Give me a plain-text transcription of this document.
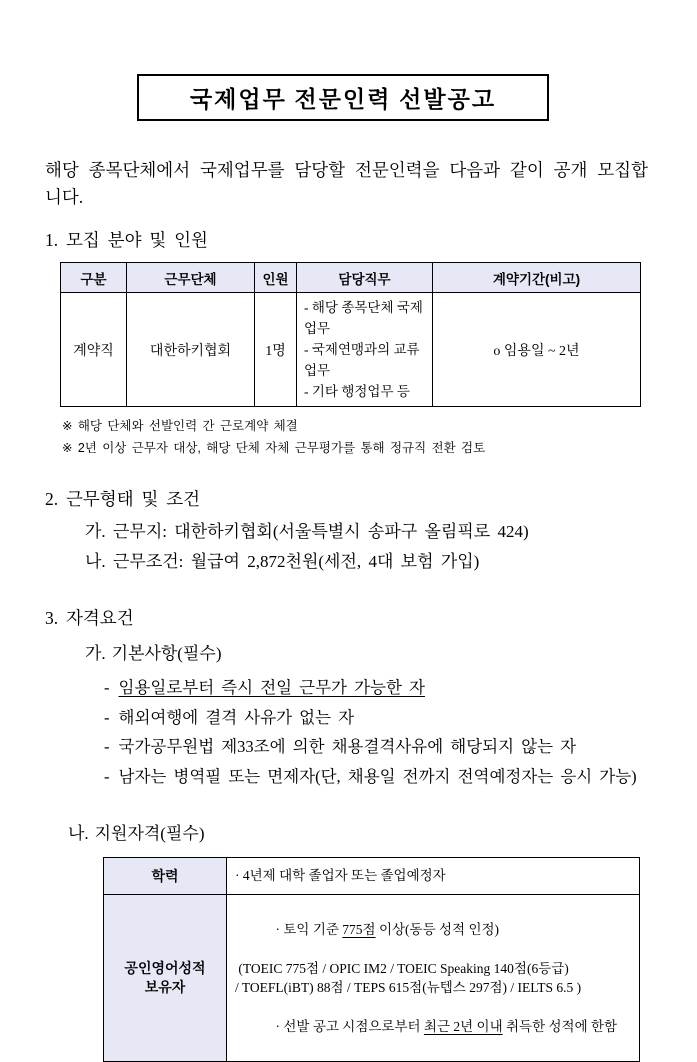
국제업무 전문인력 선발공고

해당 종목단체에서 국제업무를 담당할 전문인력을 다음과 같이 공개 모집합니다.

1. 모집 분야 및 인원
구분	근무단체	인원	담당직무	계약기간(비고)
계약직	대한하키협회	1명	- 해당 종목단체 국제업무
- 국제연맹과의 교류업무
- 기타 행정업무 등	o 임용일 ~ 2년
※ 해당 단체와 선발인력 간 근로계약 체결
※ 2년 이상 근무자 대상, 해당 단체 자체 근무평가를 통해 정규직 전환 검토
2. 근무형태 및 조건
가. 근무지: 대한하키협회(서울특별시 송파구 올림픽로 424)
나. 근무조건: 월급여 2,872천원(세전, 4대 보험 가입)
3. 자격요건
가. 기본사항(필수)
- 임용일로부터 즉시 전일 근무가 가능한 자
- 해외여행에 결격 사유가 없는 자
- 국가공무원법 제33조에 의한 채용결격사유에 해당되지 않는 자
- 남자는 병역필 또는 면제자(단, 채용일 전까지 전역예정자는 응시 가능)
나. 지원자격(필수)
학력	· 4년제 대학 졸업자 또는 졸업예정자

공인영어성적 보유자	· 토익 기준 775점 이상(동등 성적 인정)

(TOEIC 775점 / OPIC IM2 / TOEIC Speaking 140점(6등급)
/ TOEFL(iBT) 88점 / TEPS 615점(뉴텝스 297점) / IELTS 6.5 )

· 선발 공고 시점으로부터 최근 2년 이내 취득한 성적에 한함
